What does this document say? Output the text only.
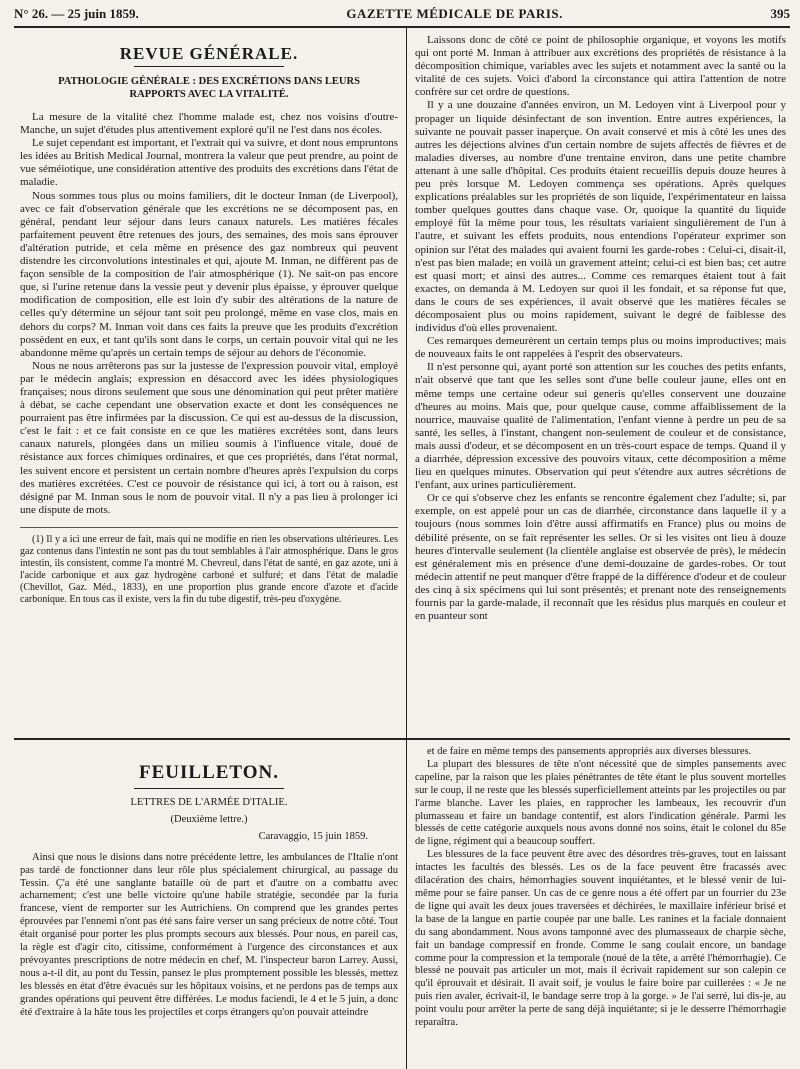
N° 26. — 25 juin 1859.	GAZETTE MÉDICALE DE PARIS.	395
REVUE GÉNÉRALE.
PATHOLOGIE GÉNÉRALE : DES EXCRÉTIONS DANS LEURS RAPPORTS AVEC LA VITALITÉ.

La mesure de la vitalité chez l'homme malade est, chez nos voisins d'outre-Manche, un sujet d'études plus attentivement exploré qu'il ne l'est dans nos écoles.

Le sujet cependant est important, et l'extrait qui va suivre, et dont nous empruntons les idées au British Medical Journal, montrera la valeur que peut prendre, au point de vue séméiotique, une considération attentive des produits des excrétions dans l'état de maladie.

Nous sommes tous plus ou moins familiers, dit le docteur Inman (de Liverpool), avec ce fait d'observation générale que les excrétions ne se décomposent pas, en général, pendant leur séjour dans leurs canaux naturels. Les matières fécales parfaitement peuvent être retenues des jours, des semaines, des mois sans éprouver d'altération putride, et cela même en présence des gaz nombreux qui peuvent distendre les circonvolutions intestinales et qui, ajoute M. Inman, ne diffèrent pas de façon sensible de la composition de l'air atmosphérique (1). Ne sait-on pas encore que, si l'urine retenue dans la vessie peut y devenir plus épaisse, y éprouver quelque modification de composition, elle est loin d'y subir des altérations de la nature de celles qu'y détermine un séjour tant soit peu prolongé, même en vase clos, mais en dehors du corps? M. Inman voit dans ces faits la preuve que les produits d'excrétion possèdent en eux, et tant qu'ils sont dans le corps, un certain pouvoir vital qui ne les abandonne même qu'après un certain temps de séjour au dehors de l'économie.

Nous ne nous arrêterons pas sur la justesse de l'expression pouvoir vital, employé par le médecin anglais; expression en désaccord avec les idées physiologiques françaises; nous dirons seulement que sous une dénomination qui peut prêter matière à débat, se cache cependant une observation exacte et dont les conséquences ne pourraient pas être infirmées par la discussion. Ce qui est au-dessus de la discussion, c'est le fait : et ce fait consiste en ce que les matières excrétées sont, dans leurs canaux naturels, plongées dans un milieu soumis à l'influence vitale, doué de résistance aux forces chimiques ordinaires, et que ces propriétés, dans l'état normal, les suivent encore et persistent un certain nombre d'heures après l'expulsion du corps des matières excrétées. C'est ce pouvoir de résistance qui ici, à tort ou à raison, est désigné par M. Inman sous le nom de pouvoir vital. Il n'y a pas lieu à prolonger ici une dispute de mots.

(1) Il y a ici une erreur de fait, mais qui ne modifie en rien les observations ultérieures. Les gaz contenus dans l'intestin ne sont pas du tout semblables à l'air atmosphérique. Dans le gros intestin, ils consistent, comme l'a montré M. Chevreul, dans l'état de santé, en gaz azote, uni à l'acide carbonique et aux gaz hydrogène carboné et sulfuré; et dans l'état de maladie (Chevillot, Gaz. Méd., 1833), en une proportion plus grande encore d'azote et d'acide carbonique. En tous cas il existe, vers la fin du tube digestif, très-peu d'oxygène.

Laissons donc de côté ce point de philosophie organique, et voyons les motifs qui ont porté M. Inman à attribuer aux excrétions des propriétés de résistance à la décomposition chimique, variables avec les sujets et notamment avec la santé ou la vitalité de ces sujets. Voici d'abord la circonstance qui attira l'attention de notre confrère sur cet ordre de questions.

Il y a une douzaine d'années environ, un M. Ledoyen vint à Liverpool pour y propager un liquide désinfectant de son invention. Entre autres expériences, la suivante ne pouvait passer inaperçue. On avait conservé et mis à côté les unes des autres les déjections alvines d'un certain nombre de sujets affectés de fièvres et de maladies diverses, au nombre d'une trentaine environ, dans une petite chambre attenant à une salle d'hôpital. Ces produits étaient recueillis depuis douze heures à peu près lorsque M. Ledoyen commença ses opérations. Après quelques explications préalables sur les propriétés de son liquide, l'expérimentateur en laissa tomber quelques gouttes dans chaque vase. Or, quoique la quantité du liquide employé fût la même pour tous, les résultats variaient singulièrement de l'un à l'autre, et suivant les effets produits, nous entendions l'opérateur exprimer son opinion sur l'état des malades qui avaient fourni les garde-robes : Celui-ci, disait-il, n'est pas bien malade; en voilà un gravement atteint; celui-ci est bien bas; cet autre est quasi mort; et ainsi des autres... Comme ces remarques étaient tout à fait exactes, on demanda à M. Ledoyen sur quoi il les fondait, et sa réponse fut que, dans le cours de ses expériences, il avait observé que les matières fécales se décomposaient plus ou moins rapidement, suivant le degré de faiblesse des individus d'où elles provenaient.

Ces remarques demeurèrent un certain temps plus ou moins improductives; mais de nouveaux faits le ont rappelées à l'esprit des observateurs.

Il n'est personne qui, ayant porté son attention sur les couches des petits enfants, n'ait observé que tant que les selles sont d'une belle couleur jaune, elles ont en même temps une certaine odeur sui generis qu'elles conservent une douzaine d'heures au moins. Mais que, pour quelque cause, comme affaiblissement de la nourrice, mauvaise qualité de l'alimentation, l'enfant vienne à perdre un peu de sa santé, les selles, à l'instant, changent non-seulement de couleur et de consistance, mais aussi d'odeur, et se décomposent en un très-court espace de temps. Quand il y a diarrhée, dépression excessive des pouvoirs vitaux, cette décomposition a même lieu en quelques minutes. Observation qui peut s'étendre aux autres sécrétions de l'enfant, aux urines particulièrement.

Or ce qui s'observe chez les enfants se rencontre également chez l'adulte; si, par exemple, on est appelé pour un cas de diarrhée, circonstance dans laquelle il y a toujours (nous sommes loin d'être aussi affirmatifs en France) plus ou moins de débilité présente, on se fait représenter les selles. Or si les visites ont lieu à douze heures d'intervalle seulement (la clientèle anglaise est observée de près), le médecin est généralement mis en présence d'une demi-douzaine de gardes-robes. Or tout médecin attentif ne peut manquer d'être frappé de la différence d'odeur et de couleur des cinq à six spécimens qui lui sont présentés; et prenant note des renseignements fournis par la garde-malade, il reconnaît que les résidus plus marqués en couleur et en puanteur sont

FEUILLETON.

LETTRES DE L'ARMÉE D'ITALIE.

(Deuxième lettre.)

Caravaggio, 15 juin 1859.

Ainsi que nous le disions dans notre précédente lettre, les ambulances de l'Italie n'ont pas tardé de fonctionner dans leur rôle plus spécialement chirurgical, au passage du Tessin. Ç'a été une sanglante bataille où de part et d'autre on a combattu avec acharnement; c'est une belle victoire qu'une habile stratégie, secondée par la furia francese, vient de remporter sur les Autrichiens. On comprend que les grandes pertes éprouvées par l'ennemi n'ont pas été sans faire verser un sang précieux de notre côté. Tout était organisé pour porter les plus prompts secours aux blessés. Pour nous, en pareil cas, la règle est d'agir cito, citissime, conformément à l'urgence des circonstances et aux prévoyantes prescriptions de notre médecin en chef, M. l'inspecteur baron Larrey. Aussi, nous a-t-il dit, au pont du Tessin, pansez le plus promptement possible les blessés, mettez les blessés en état d'être évacués sur les hôpitaux voisins, et ne perdons pas de temps aux grandes opérations qui peuvent être différées. Le modus faciendi, le 4 et le 5 juin, a donc été d'extraire à la hâte tous les projectiles et corps étrangers qu'on pouvait atteindre

et de faire en même temps des pansements appropriés aux diverses blessures.

La plupart des blessures de tête n'ont nécessité que de simples pansements avec capeline, par la raison que les plaies pénétrantes de tête étant le plus souvent mortelles sur le coup, il ne reste que les blessés superficiellement atteints par les projectiles ou par l'arme blanche. Laver les plaies, en rapprocher les lambeaux, les recouvrir d'un plumasseau et faire un bandage contentif, est alors l'indication générale. Parmi les blessés de cette catégorie auxquels nous avons donné nos soins, était le colonel du 85e de ligne, régiment qui a beaucoup souffert.

Les blessures de la face peuvent être avec des désordres très-graves, tout en laissant intactes les facultés des blessés. Les os de la face peuvent être fracassés avec dilacération des chairs, hémorrhagies souvent inquiétantes, et le blessé venir de lui-même pour se faire panser. Un cas de ce genre nous a été offert par un fourrier du 23e de ligne qui avait les deux joues traversées et déchirées, le maxillaire inférieur brisé et la base de la langue en partie coupée par une balle. Les ranines et la faciale donnaient du sang abondamment. Nous avons tamponné avec des plumasseaux de charpie sèche, fait un bandage compressif en fronde. Comme le sang coulait encore, un bandage comme pour la compression et la temporale (noué de la tête, a arrêté l'hémorrhagie). Ce blessé ne pouvait pas articuler un mot, mais il écrivait rapidement sur son calepin ce qu'il éprouvait et désirait. Il avait soif, je voulus le faire boire par cuillerées : « Je ne puis rien avaler, écrivait-il, le bandage serre trop à la gorge. » Je l'ai serré, lui dis-je, au point voulu pour arrêter la perte de sang déjà inquiétante; si je le desserre l'hémorrhagie reparaîtra.
